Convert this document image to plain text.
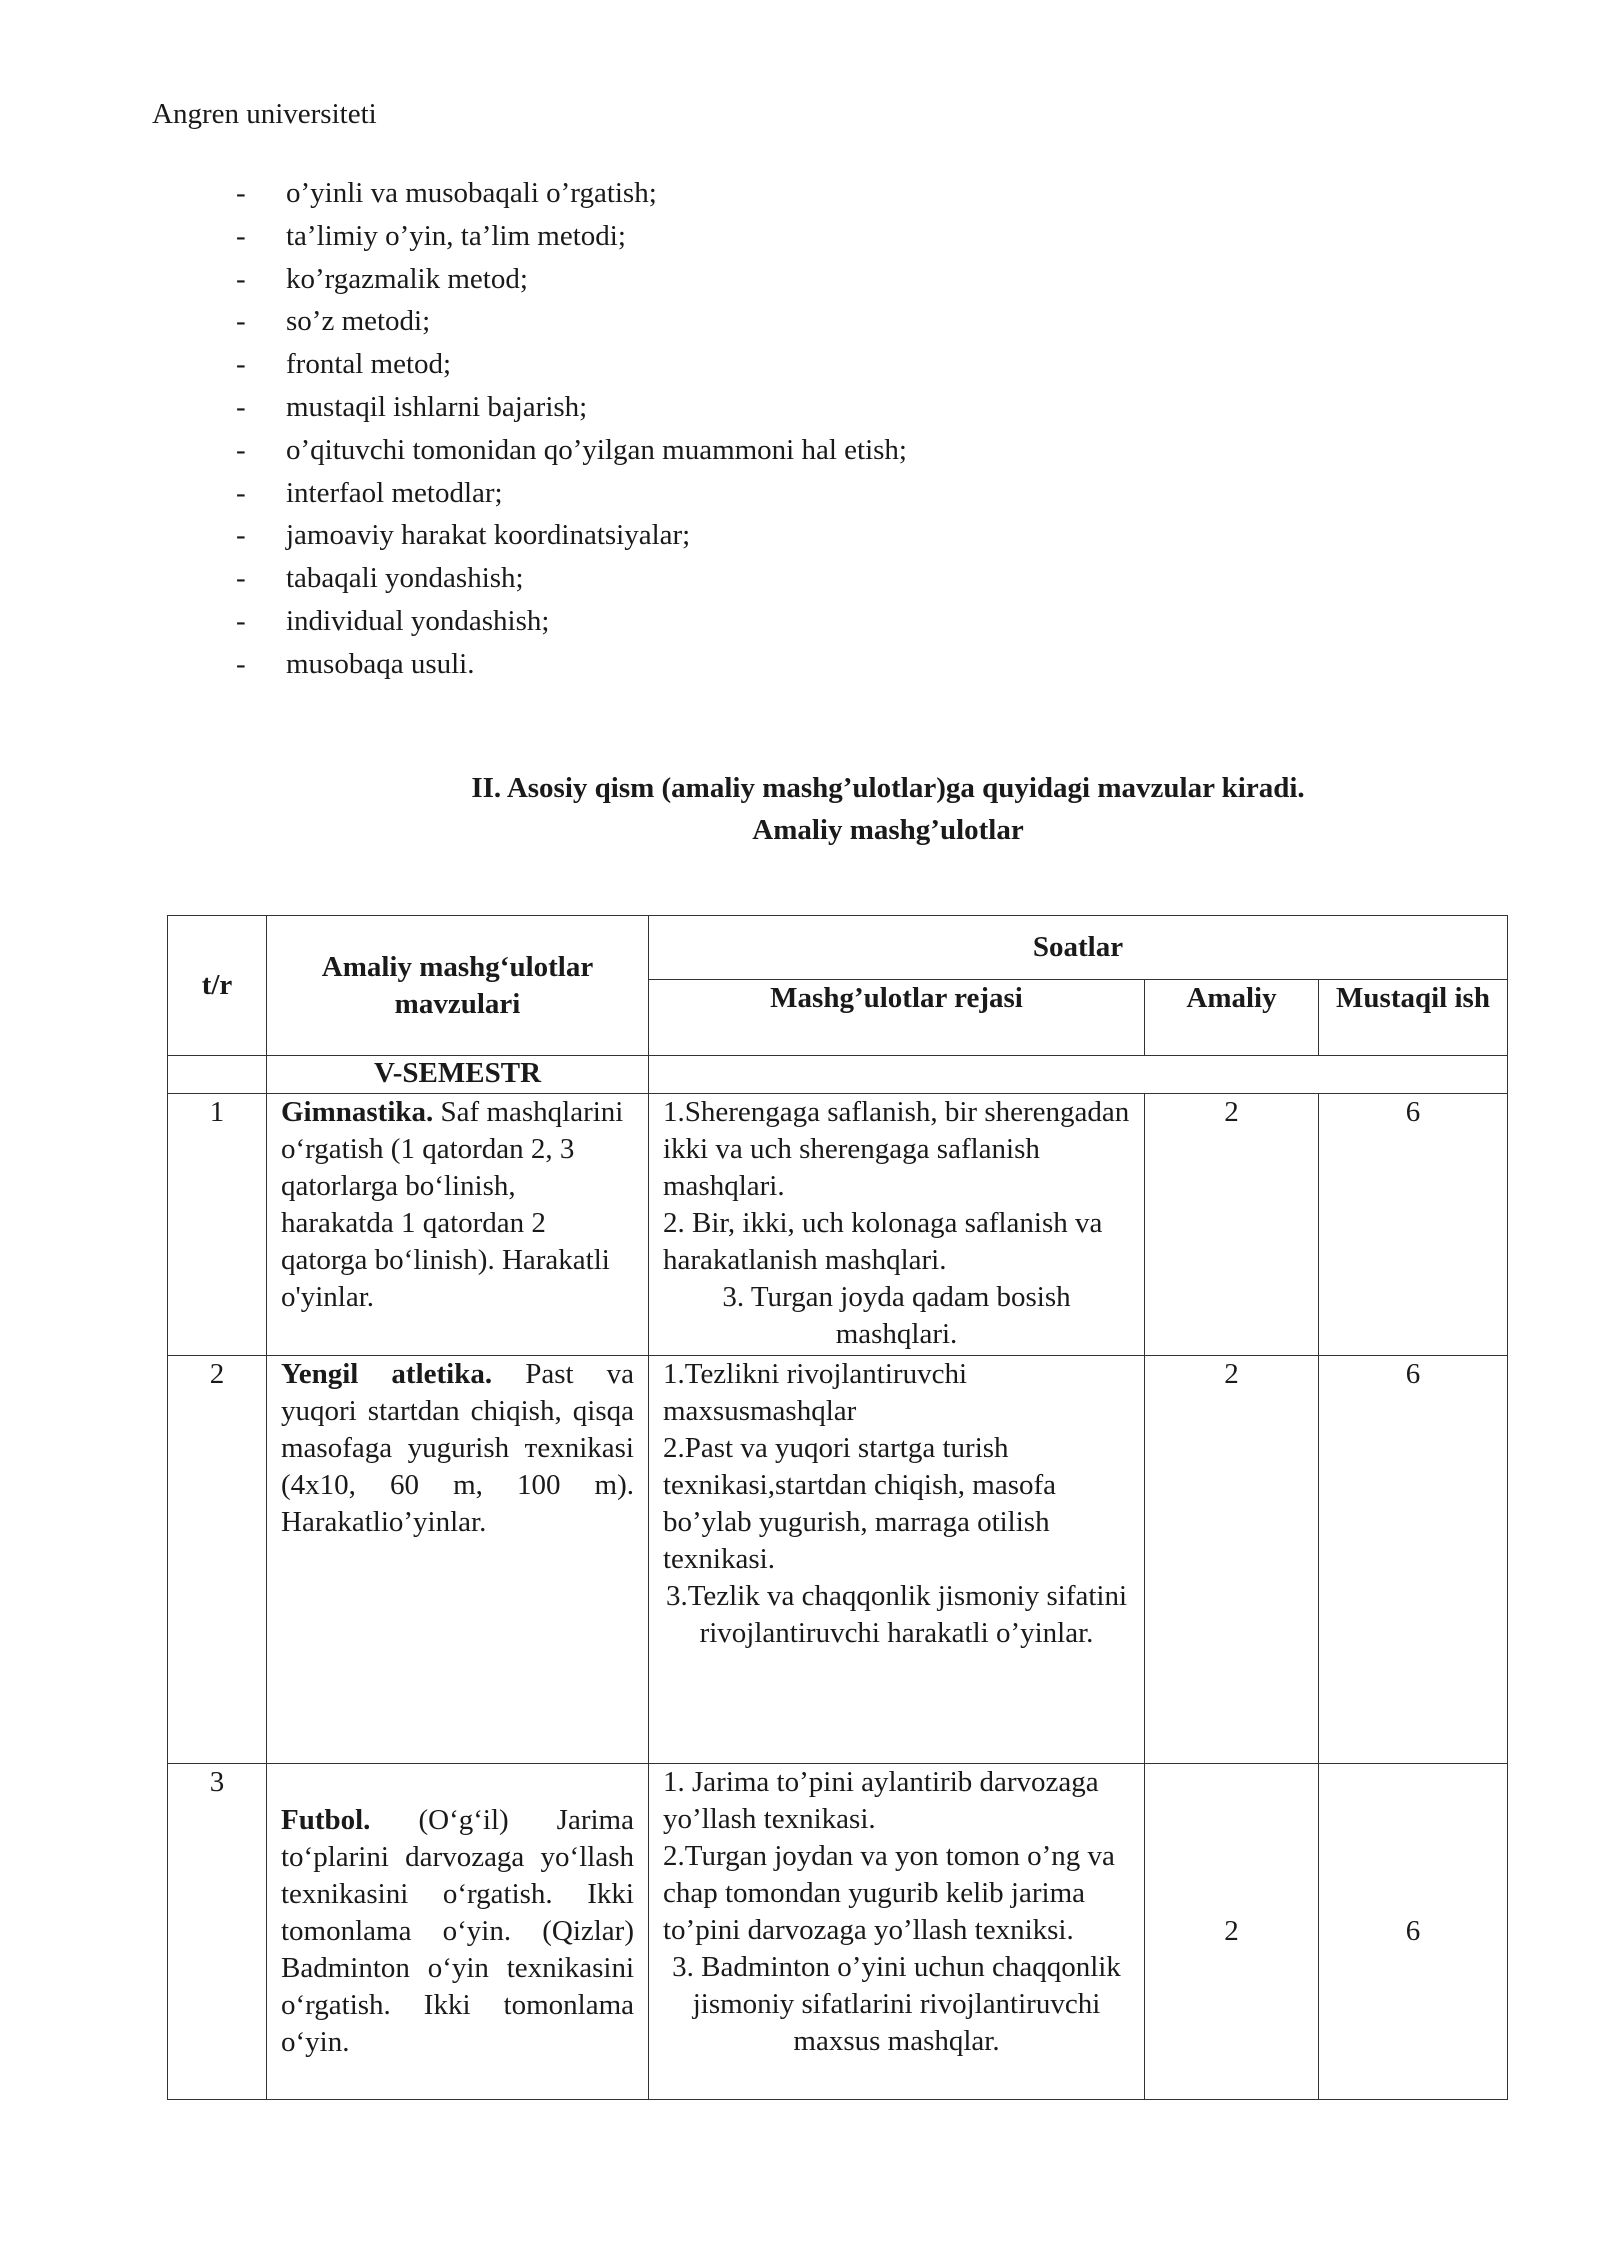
Angren universiteti
- o’yinli va musobaqali o’rgatish;
- ta’limiy o’yin, ta’lim metodi;
- ko’rgazmalik metod;
- so’z metodi;
- frontal metod;
- mustaqil ishlarni bajarish;
- o’qituvchi tomonidan qo’yilgan muammoni hal etish;
- interfaol metodlar;
- jamoaviy harakat koordinatsiyalar;
- tabaqali yondashish;
- individual yondashish;
- musobaqa usuli.
II. Asosiy qism (amaliy mashg’ulotlar)ga quyidagi mavzular kiradi.
Amaliy mashg’ulotlar
t/r	Amaliy mashg‘ulotlar mavzulari	Soatlar		
		Mashg’ulotlar rejasi	Amaliy	Mustaqil ish
	V-SEMESTR			
1	Gimnastika. Saf mashqlarini o‘rgatish (1 qatordan 2, 3 qatorlarga bo‘linish, harakatda 1 qatordan 2 qatorga bo‘linish). Harakatli o'yinlar.	1.Sherengaga saflanish, bir sherengadan ikki va uch sherengaga saflanish mashqlari.
2. Bir, ikki, uch kolonaga saflanish va harakatlanish mashqlari.
3. Turgan joyda qadam bosish mashqlari.	2	6
2	Yengil atletika. Past va yuqori startdan chiqish, qisqa masofaga yugurish тexnikasi (4x10, 60 m, 100 m). Harakatlio’yinlar.	1.Tezlikni rivojlantiruvchi maxsusmashqlar
2.Past va yuqori startga turish texnikasi,startdan chiqish, masofa bo’ylab yugurish, marraga otilish texnikasi.
3.Tezlik va chaqqonlik jismoniy sifatini rivojlantiruvchi harakatli o’yinlar.	2	6
3	Futbol. (O‘g‘il) Jarima to‘plarini darvozaga yo‘llash texnikasini o‘rgatish. Ikki tomonlama o‘yin. (Qizlar) Badminton o‘yin texnikasini o‘rgatish. Ikki tomonlama o‘yin.	1. Jarima to’pini aylantirib darvozaga yo’llash texnikasi.
2.Turgan joydan va yon tomon o’ng va chap tomondan yugurib kelib jarima to’pini darvozaga yo’llash texniksi.
3. Badminton o’yini uchun chaqqonlik jismoniy sifatlarini rivojlantiruvchi maxsus mashqlar.	2	6
